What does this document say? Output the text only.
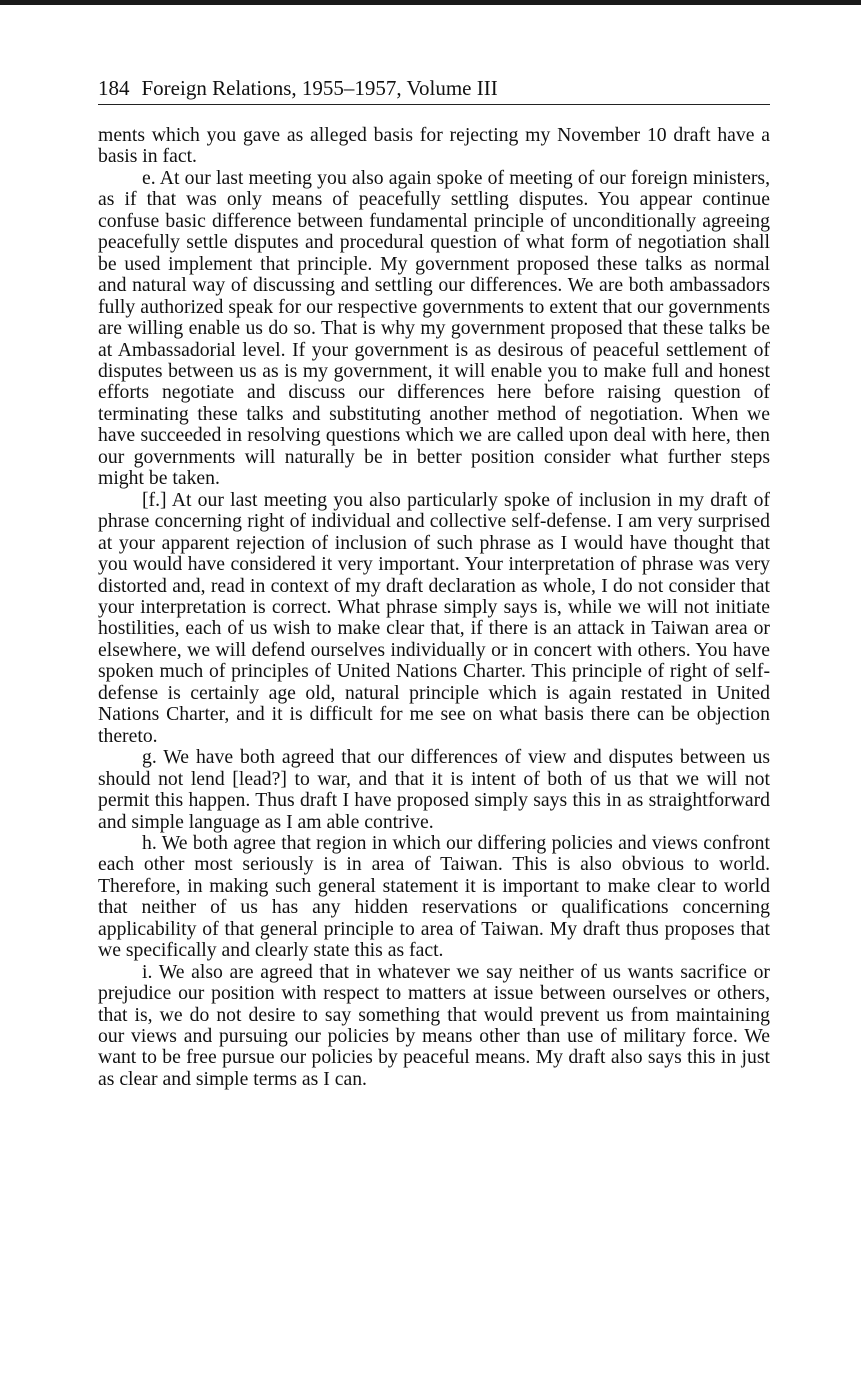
184 Foreign Relations, 1955–1957, Volume III

ments which you gave as alleged basis for rejecting my November 10 draft have a basis in fact.

e. At our last meeting you also again spoke of meeting of our foreign ministers, as if that was only means of peacefully settling disputes. You appear continue confuse basic difference between fundamental principle of unconditionally agreeing peacefully settle disputes and procedural question of what form of negotiation shall be used implement that principle. My government proposed these talks as normal and natural way of discussing and settling our differences. We are both ambassadors fully authorized speak for our respective governments to extent that our governments are willing enable us do so. That is why my government proposed that these talks be at Ambassadorial level. If your government is as desirous of peaceful settlement of disputes between us as is my government, it will enable you to make full and honest efforts negotiate and discuss our differences here before raising question of terminating these talks and substituting another method of negotiation. When we have succeeded in resolving questions which we are called upon deal with here, then our governments will naturally be in better position consider what further steps might be taken.

[f.] At our last meeting you also particularly spoke of inclusion in my draft of phrase concerning right of individual and collective self-defense. I am very surprised at your apparent rejection of inclusion of such phrase as I would have thought that you would have considered it very important. Your interpretation of phrase was very distorted and, read in context of my draft declaration as whole, I do not consider that your interpretation is correct. What phrase simply says is, while we will not initiate hostilities, each of us wish to make clear that, if there is an attack in Taiwan area or elsewhere, we will defend ourselves individually or in concert with others. You have spoken much of principles of United Nations Charter. This principle of right of self-defense is certainly age old, natural principle which is again restated in United Nations Charter, and it is difficult for me see on what basis there can be objection thereto.

g. We have both agreed that our differences of view and disputes between us should not lend [lead?] to war, and that it is intent of both of us that we will not permit this happen. Thus draft I have proposed simply says this in as straightforward and simple language as I am able contrive.

h. We both agree that region in which our differing policies and views confront each other most seriously is in area of Taiwan. This is also obvious to world. Therefore, in making such general statement it is important to make clear to world that neither of us has any hidden reservations or qualifications concerning applicability of that general principle to area of Taiwan. My draft thus proposes that we specifically and clearly state this as fact.

i. We also are agreed that in whatever we say neither of us wants sacrifice or prejudice our position with respect to matters at issue between ourselves or others, that is, we do not desire to say something that would prevent us from maintaining our views and pursuing our policies by means other than use of military force. We want to be free pursue our policies by peaceful means. My draft also says this in just as clear and simple terms as I can.
